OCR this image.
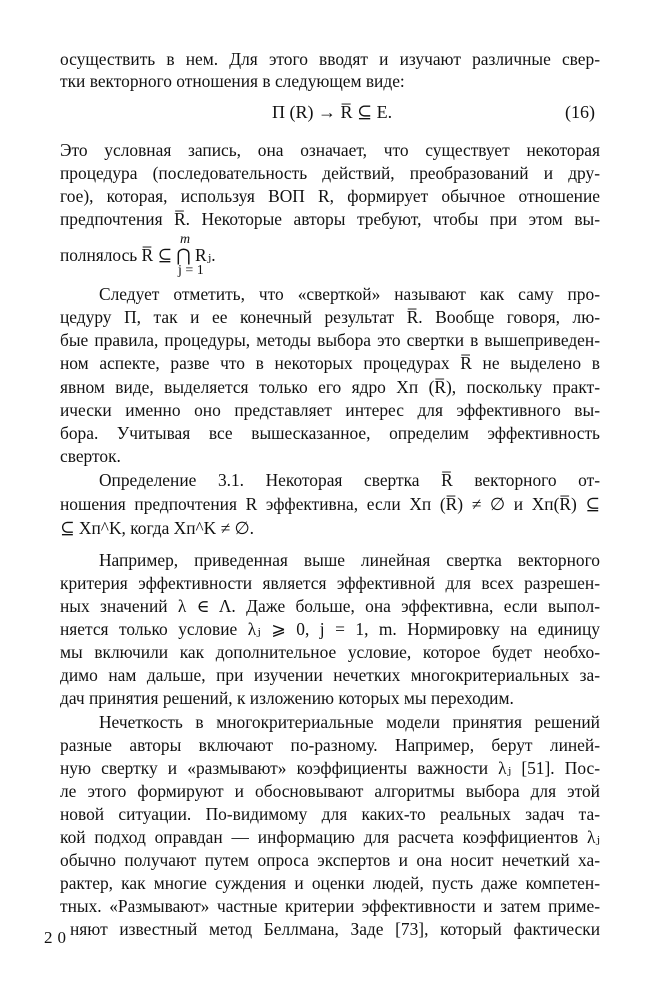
осуществить в нем. Для этого вводят и изучают различные свер-
тки векторного отношения в следующем виде:
П (R) → R̅ ⊆ E.	(16)
Это условная запись, она означает, что существует некоторая
процедура (последовательность действий, преобразований и дру-
гое), которая, используя ВОП R, формирует обычное отношение
предпочтения R̅. Некоторые авторы требуют, чтобы при этом вы-
m
полнялось R̅ ⊆ ⋂ Rⱼ.
j = 1
Следует отметить, что «сверткой» называют как саму про-
цедуру П, так и ее конечный результат R̅. Вообще говоря, лю-
бые правила, процедуры, методы выбора это свертки в вышеприведен-
ном аспекте, разве что в некоторых процедурах R̅ не выделено в
явном виде, выделяется только его ядро Xп (R̅), поскольку практ-
ически именно оно представляет интерес для эффективного вы-
бора. Учитывая все вышесказанное, определим эффективность
сверток.
Определение 3.1. Некоторая свертка R̅ векторного от-
ношения предпочтения R эффективна, если Xп (R̅) ≠ ∅ и Xп(R̅) ⊆
⊆ Xп^K, когда Xп^K ≠ ∅.
Например, приведенная выше линейная свертка векторного
критерия эффективности является эффективной для всех разрешен-
ных значений λ ∈ Λ. Даже больше, она эффективна, если выпол-
няется только условие λⱼ ⩾ 0, j = 1, m. Нормировку на единицу
мы включили как дополнительное условие, которое будет необхо-
димо нам дальше, при изучении нечетких многокритериальных за-
дач принятия решений, к изложению которых мы переходим.
Нечеткость в многокритериальные модели принятия решений
разные авторы включают по-разному. Например, берут линей-
ную свертку и «размывают» коэффициенты важности λⱼ [51]. Пос-
ле этого формируют и обосновывают алгоритмы выбора для этой
новой ситуации. По-видимому для каких-то реальных задач та-
кой подход оправдан — информацию для расчета коэффициентов λⱼ
обычно получают путем опроса экспертов и она носит нечеткий ха-
рактер, как многие суждения и оценки людей, пусть даже компетен-
тных. «Размывают» частные критерии эффективности и затем приме-
няют известный метод Беллмана, Заде [73], который фактически
20
